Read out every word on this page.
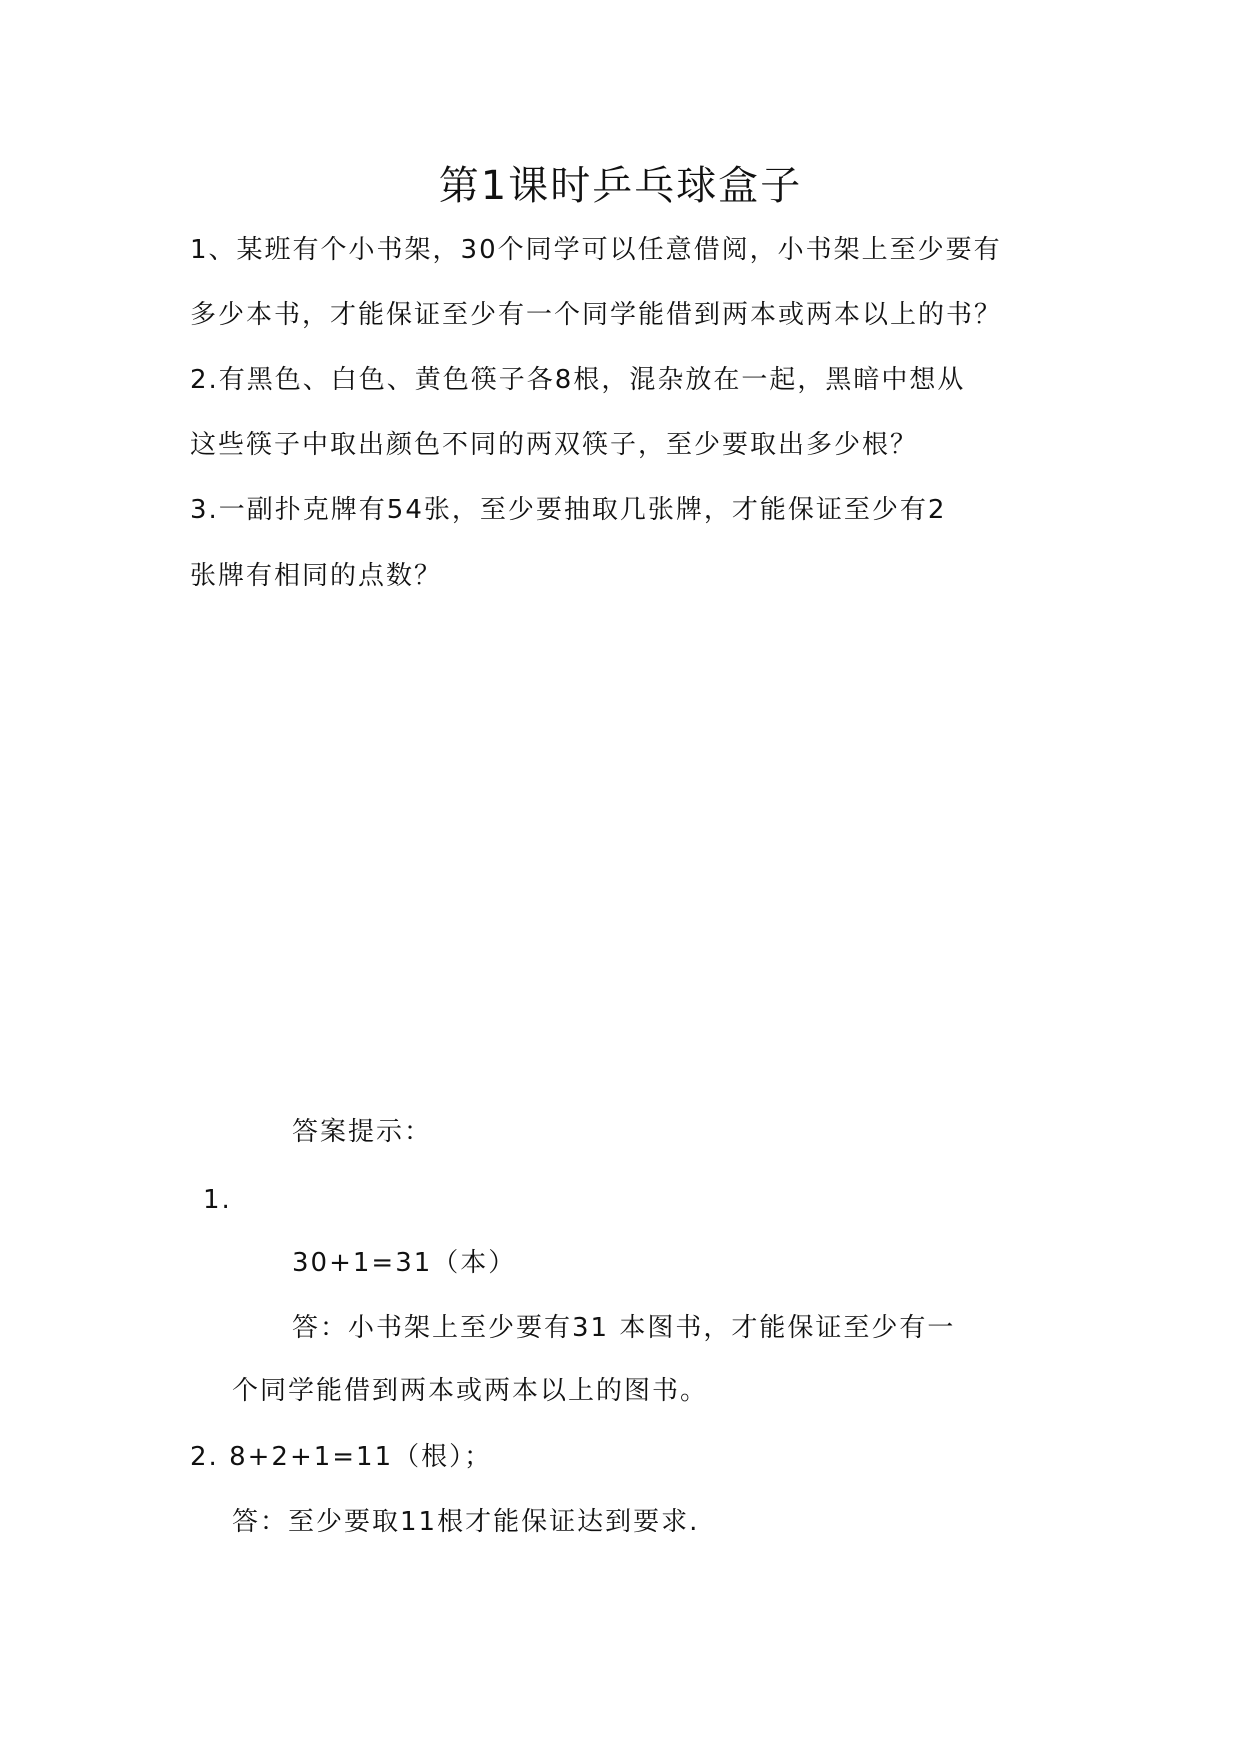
第1课时乒乓球盒子
1、某班有个小书架，30个同学可以任意借阅，小书架上至少要有
多少本书，才能保证至少有一个同学能借到两本或两本以上的书？
2.有黑色、白色、黄色筷子各8根，混杂放在一起，黑暗中想从
这些筷子中取出颜色不同的两双筷子，至少要取出多少根？
3.一副扑克牌有54张，至少要抽取几张牌，才能保证至少有2
张牌有相同的点数？
答案提示：
1.
30+1=31（本）
答：小书架上至少要有31 本图书，才能保证至少有一
个同学能借到两本或两本以上的图书。
2. 8+2+1=11（根）；
答：至少要取11根才能保证达到要求.
